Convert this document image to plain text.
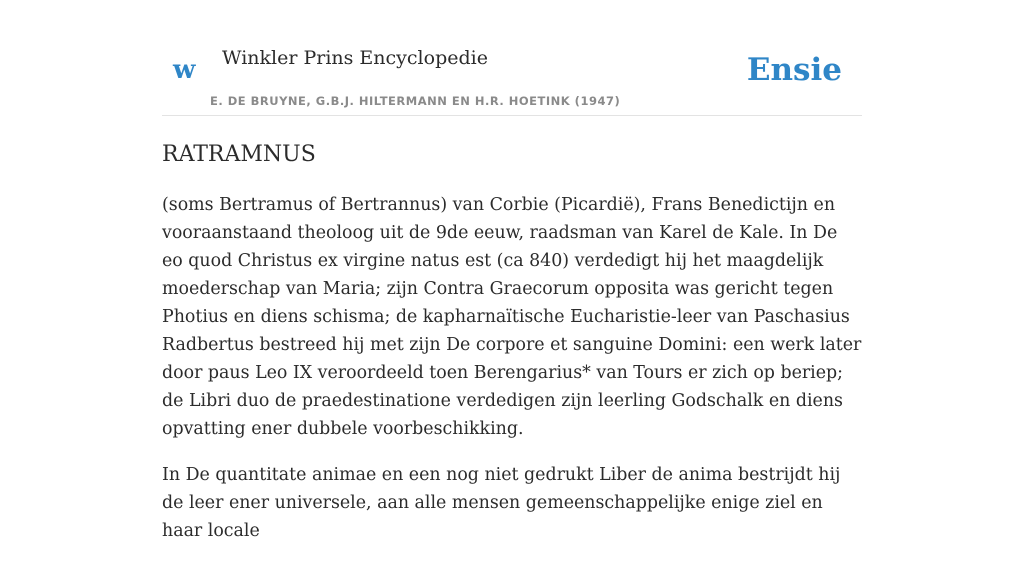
w Winkler Prins Encyclopedie
E. DE BRUYNE, G.B.J. HILTERMANN EN H.R. HOETINK (1947)
Ensie
RATRAMNUS

(soms Bertramus of Bertrannus) van Corbie (Picardië), Frans Benedictijn en vooraanstaand theoloog uit de 9de eeuw, raadsman van Karel de Kale. In De eo quod Christus ex virgine natus est (ca 840) verdedigt hij het maagdelijk moederschap van Maria; zijn Contra Graecorum opposita was gericht tegen Photius en diens schisma; de kapharnaïtische Eucharistie-leer van Paschasius Radbertus bestreed hij met zijn De corpore et sanguine Domini: een werk later door paus Leo IX veroordeeld toen Berengarius* van Tours er zich op beriep; de Libri duo de praedestinatione verdedigen zijn leerling Godschalk en diens opvatting ener dubbele voorbeschikking.

In De quantitate animae en een nog niet gedrukt Liber de anima bestrijdt hij de leer ener universele, aan alle mensen gemeenschappelijke enige ziel en haar locale
